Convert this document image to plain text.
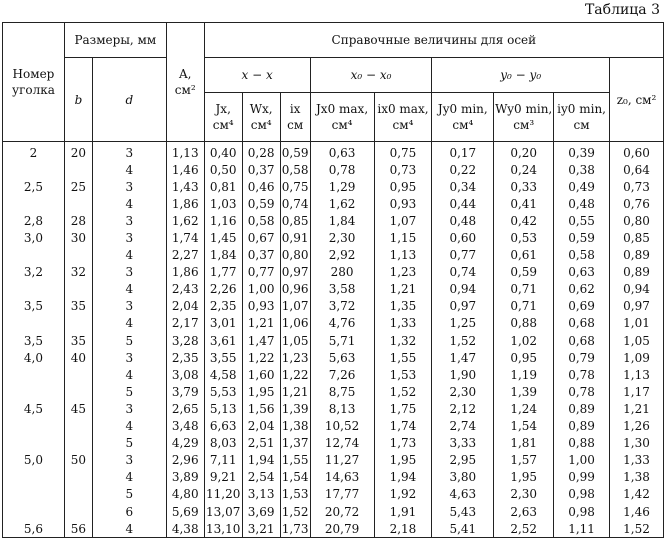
Таблица 3
Номер уголка	Размеры, мм		A, см²	Справочные величины для осей								
	b	d		x − x			x₀ − x₀		y₀ − y₀			z₀, см²
				Jx, см⁴	Wx, см⁴	ix см	Jx0 max, см⁴	ix0 max, см⁴	Jy0 min, см⁴	Wy0 min, см³	iy0 min, см	
2	20	3	1,13	0,40	0,28	0,59	0,63	0,75	0,17	0,20	0,39	0,60
		4	1,46	0,50	0,37	0,58	0,78	0,73	0,22	0,24	0,38	0,64
2,5	25	3	1,43	0,81	0,46	0,75	1,29	0,95	0,34	0,33	0,49	0,73
		4	1,86	1,03	0,59	0,74	1,62	0,93	0,44	0,41	0,48	0,76
2,8	28	3	1,62	1,16	0,58	0,85	1,84	1,07	0,48	0,42	0,55	0,80
3,0	30	3	1,74	1,45	0,67	0,91	2,30	1,15	0,60	0,53	0,59	0,85
		4	2,27	1,84	0,37	0,80	2,92	1,13	0,77	0,61	0,58	0,89
3,2	32	3	1,86	1,77	0,77	0,97	280	1,23	0,74	0,59	0,63	0,89
		4	2,43	2,26	1,00	0,96	3,58	1,21	0,94	0,71	0,62	0,94
3,5	35	3	2,04	2,35	0,93	1,07	3,72	1,35	0,97	0,71	0,69	0,97
		4	2,17	3,01	1,21	1,06	4,76	1,33	1,25	0,88	0,68	1,01
3,5	35	5	3,28	3,61	1,47	1,05	5,71	1,32	1,52	1,02	0,68	1,05
4,0	40	3	2,35	3,55	1,22	1,23	5,63	1,55	1,47	0,95	0,79	1,09
		4	3,08	4,58	1,60	1,22	7,26	1,53	1,90	1,19	0,78	1,13
		5	3,79	5,53	1,95	1,21	8,75	1,52	2,30	1,39	0,78	1,17
4,5	45	3	2,65	5,13	1,56	1,39	8,13	1,75	2,12	1,24	0,89	1,21
		4	3,48	6,63	2,04	1,38	10,52	1,74	2,74	1,54	0,89	1,26
		5	4,29	8,03	2,51	1,37	12,74	1,73	3,33	1,81	0,88	1,30
5,0	50	3	2,96	7,11	1,94	1,55	11,27	1,95	2,95	1,57	1,00	1,33
		4	3,89	9,21	2,54	1,54	14,63	1,94	3,80	1,95	0,99	1,38
		5	4,80	11,20	3,13	1,53	17,77	1,92	4,63	2,30	0,98	1,42
		6	5,69	13,07	3,69	1,52	20,72	1,91	5,43	2,63	0,98	1,46
5,6	56	4	4,38	13,10	3,21	1,73	20,79	2,18	5,41	2,52	1,11	1,52
